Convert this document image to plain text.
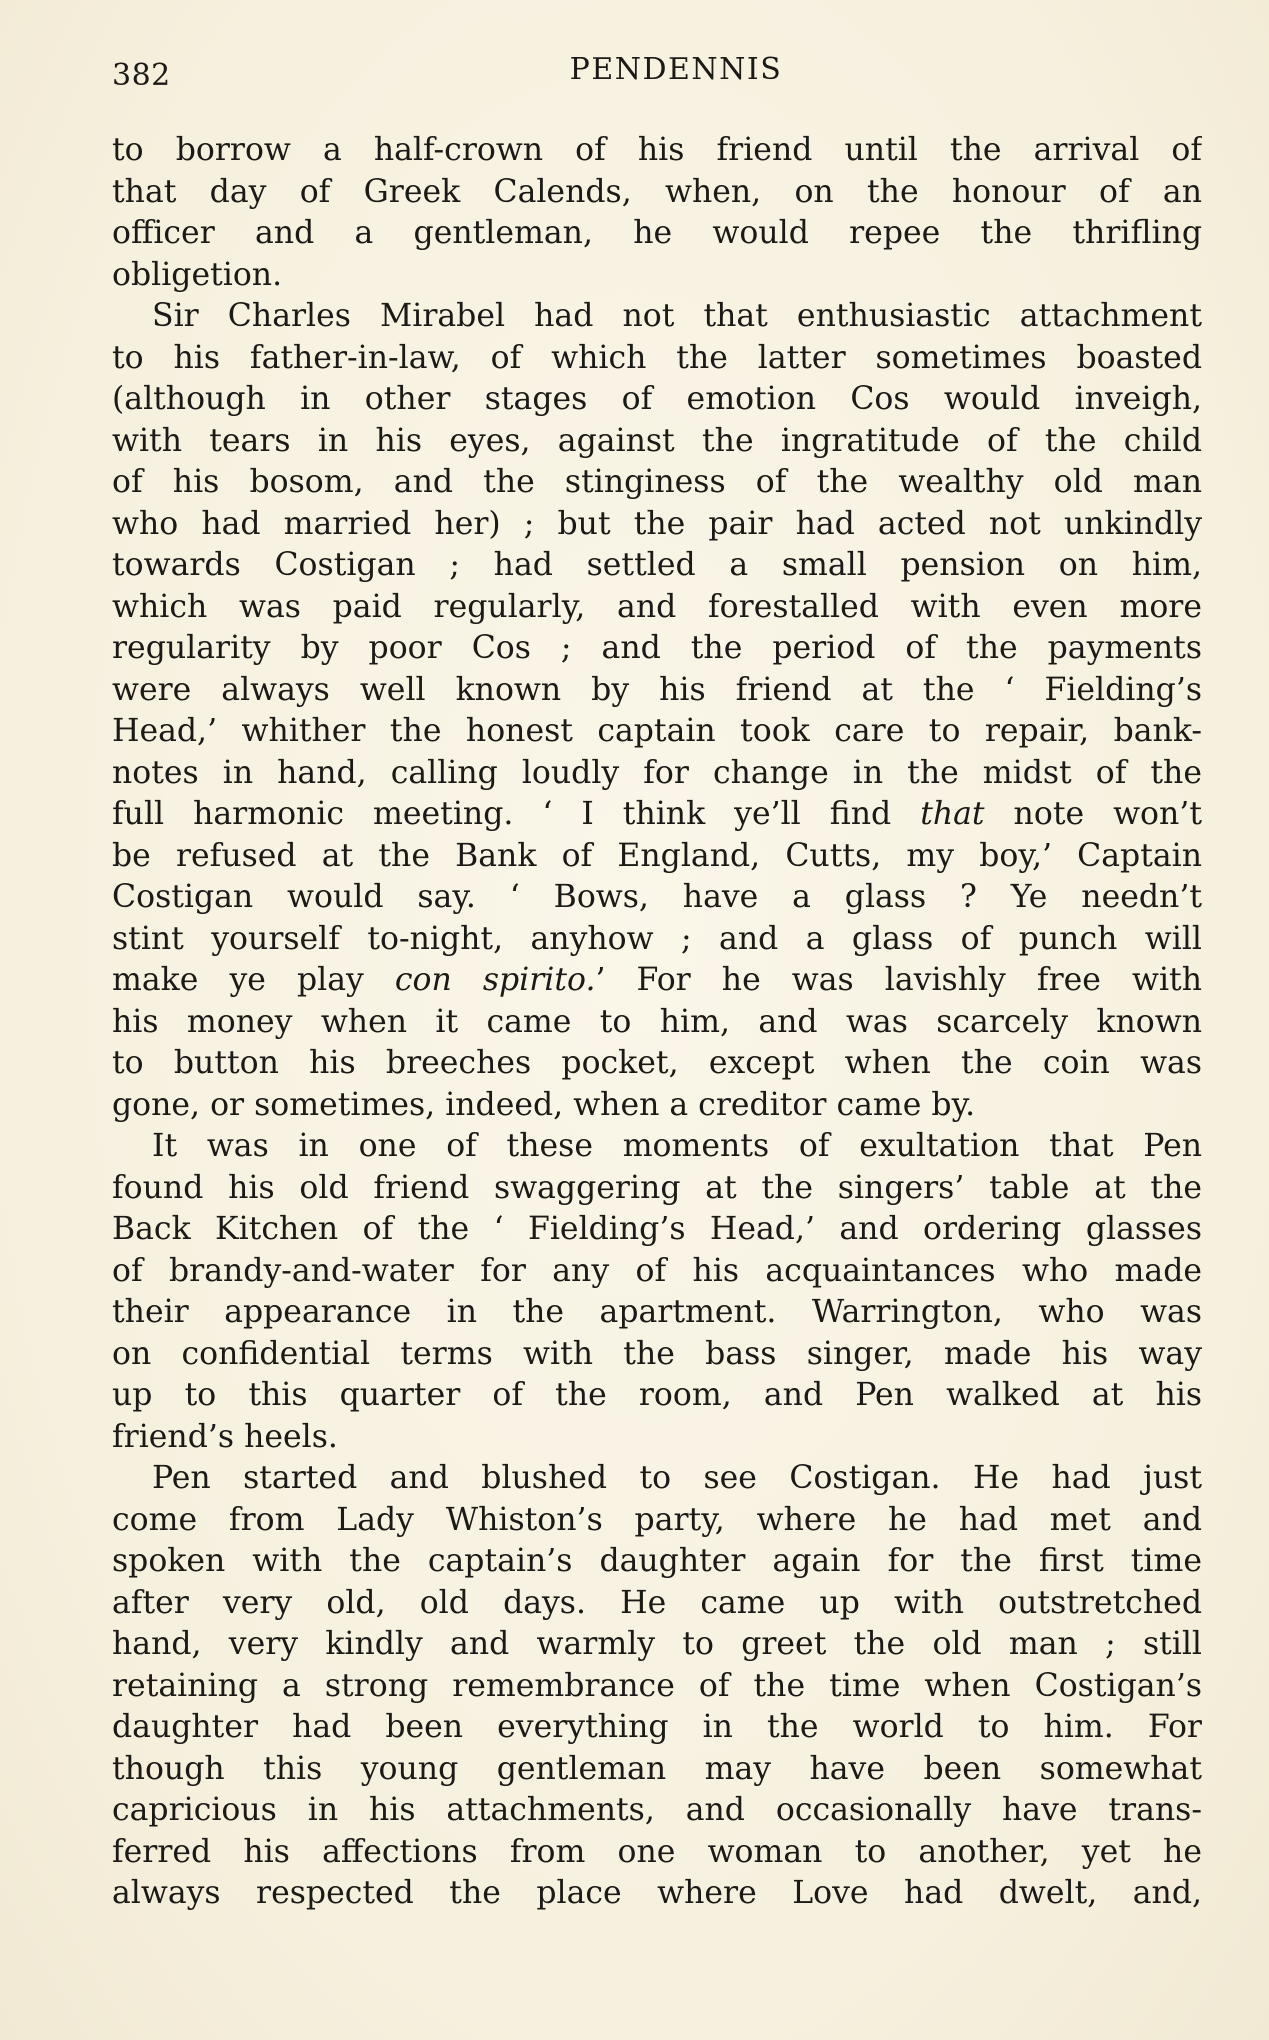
382	PENDENNIS
to borrow a half-crown of his friend until the arrival of
that day of Greek Calends, when, on the honour of an
officer and a gentleman, he would repee the thrifling
obligetion.
Sir Charles Mirabel had not that enthusiastic attachment
to his father-in-law, of which the latter sometimes boasted
(although in other stages of emotion Cos would inveigh,
with tears in his eyes, against the ingratitude of the child
of his bosom, and the stinginess of the wealthy old man
who had married her) ; but the pair had acted not unkindly
towards Costigan ; had settled a small pension on him,
which was paid regularly, and forestalled with even more
regularity by poor Cos ; and the period of the payments
were always well known by his friend at the ‘ Fielding’s
Head,’ whither the honest captain took care to repair, bank-
notes in hand, calling loudly for change in the midst of the
full harmonic meeting. ‘ I think ye’ll find that note won’t
be refused at the Bank of England, Cutts, my boy,’ Captain
Costigan would say. ‘ Bows, have a glass ? Ye needn’t
stint yourself to-night, anyhow ; and a glass of punch will
make ye play con spirito.’ For he was lavishly free with
his money when it came to him, and was scarcely known
to button his breeches pocket, except when the coin was
gone, or sometimes, indeed, when a creditor came by.
It was in one of these moments of exultation that Pen
found his old friend swaggering at the singers’ table at the
Back Kitchen of the ‘ Fielding’s Head,’ and ordering glasses
of brandy-and-water for any of his acquaintances who made
their appearance in the apartment. Warrington, who was
on confidential terms with the bass singer, made his way
up to this quarter of the room, and Pen walked at his
friend’s heels.
Pen started and blushed to see Costigan. He had just
come from Lady Whiston’s party, where he had met and
spoken with the captain’s daughter again for the first time
after very old, old days. He came up with outstretched
hand, very kindly and warmly to greet the old man ; still
retaining a strong remembrance of the time when Costigan’s
daughter had been everything in the world to him. For
though this young gentleman may have been somewhat
capricious in his attachments, and occasionally have trans-
ferred his affections from one woman to another, yet he
always respected the place where Love had dwelt, and,
